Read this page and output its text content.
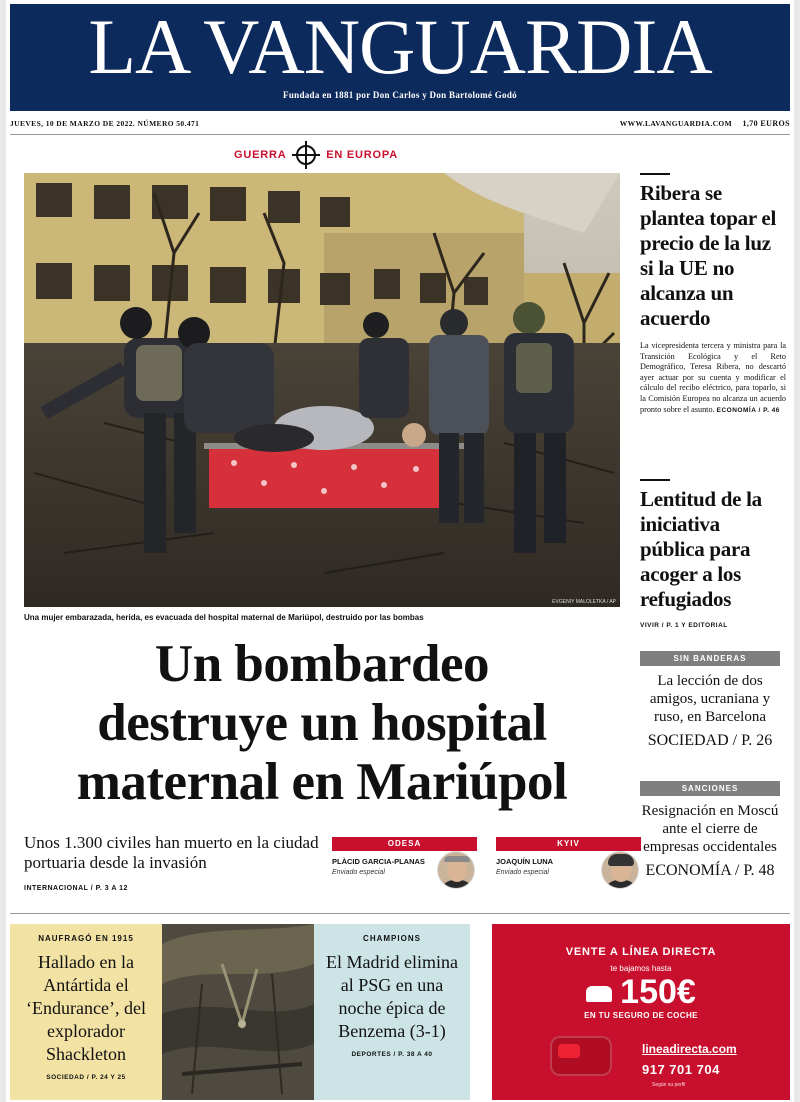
LA VANGUARDIA
Fundada en 1881 por Don Carlos y Don Bartolomé Godó
JUEVES, 10 DE MARZO DE 2022. NÚMERO 50.471	WWW.LAVANGUARDIA.COM 1,70 EUROS
GUERRA	EN EUROPA
EVGENIY MALOLETKA / AP
Una mujer embarazada, herida, es evacuada del hospital maternal de Mariúpol, destruido por las bombas
Un bombardeo
destruye un hospital
maternal en Mariúpol
Unos 1.300 civiles han muerto en la ciudad portuaria desde la invasión
INTERNACIONAL / P. 3 A 12
ODESA
PLÀCID GARCIA-PLANAS
Enviado especial
KYIV
JOAQUÍN LUNA
Enviado especial
Ribera se plantea topar el precio de la luz si la UE no alcanza un acuerdo

La vicepresidenta tercera y ministra para la Transición Ecológica y el Reto Demográfico, Teresa Ribera, no descartó ayer actuar por su cuenta y modificar el cálculo del recibo eléctrico, para toparlo, si la Comisión Europea no alcanza un acuerdo pronto sobre el asunto. ECONOMÍA / P. 46

Lentitud de la iniciativa pública para acoger a los refugiados
VIVIR / P. 1 Y EDITORIAL
SIN BANDERAS
La lección de dos amigos, ucraniana y ruso, en Barcelona
SOCIEDAD / P. 26
SANCIONES
Resignación en Moscú ante el cierre de empresas occidentales
ECONOMÍA / P. 48
NAUFRAGÓ EN 1915
Hallado en la Antártida el ‘Endurance’, del explorador Shackleton
SOCIEDAD / P. 24 Y 25
CHAMPIONS
El Madrid elimina al PSG en una noche épica de Benzema (3-1)
DEPORTES / P. 38 A 40
VENTE A LÍNEA DIRECTA
te bajamos hasta
150€
EN TU SEGURO DE COCHE
lineadirecta.com
917 701 704
Según su perfil
